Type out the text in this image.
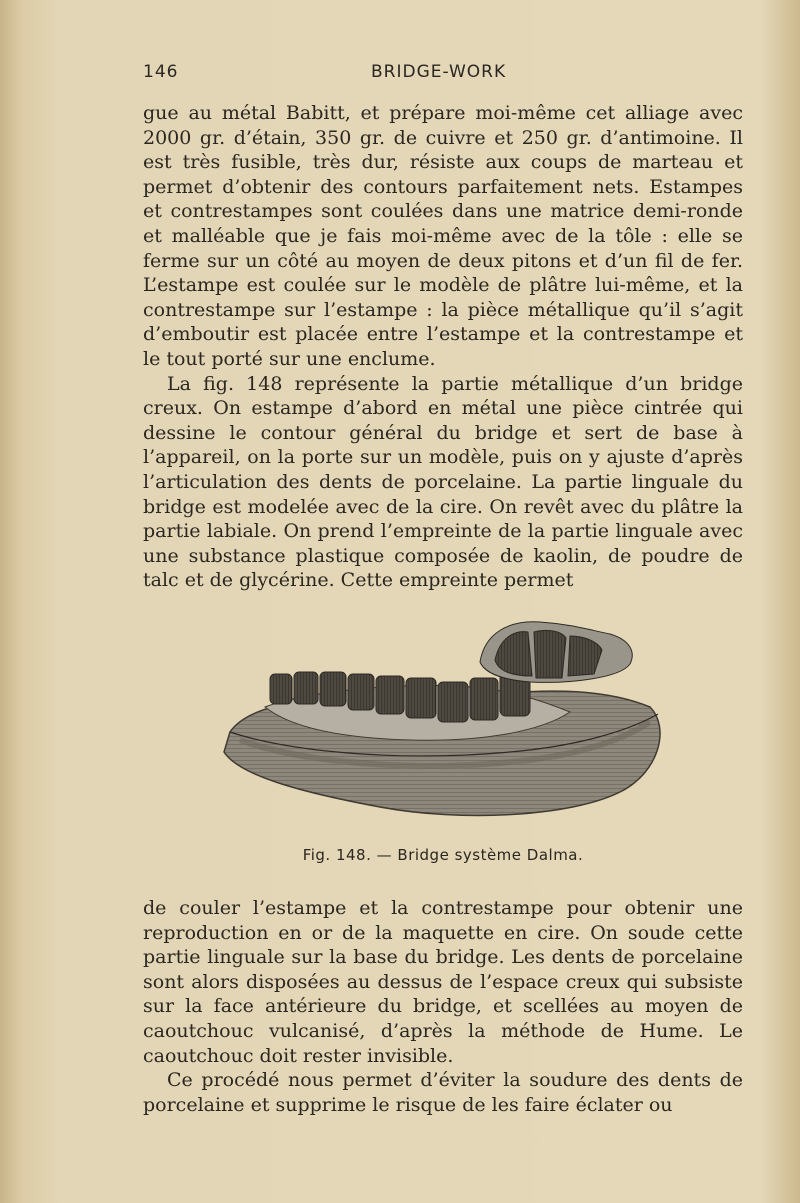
146	BRIDGE-WORK

gue au métal Babitt, et prépare moi-même cet alliage avec 2000 gr. d’étain, 350 gr. de cuivre et 250 gr. d’antimoine. Il est très fusible, très dur, résiste aux coups de marteau et permet d’obtenir des contours parfaitement nets. Estampes et contrestampes sont coulées dans une matrice demi-ronde et malléable que je fais moi-même avec de la tôle : elle se ferme sur un côté au moyen de deux pitons et d’un fil de fer. L’estampe est coulée sur le modèle de plâtre lui-même, et la contrestampe sur l’estampe : la pièce métallique qu’il s’agit d’emboutir est placée entre l’estampe et la contrestampe et le tout porté sur une enclume.

La fig. 148 représente la partie métallique d’un bridge creux. On estampe d’abord en métal une pièce cintrée qui dessine le contour général du bridge et sert de base à l’appareil, on la porte sur un modèle, puis on y ajuste d’après l’articulation des dents de porcelaine. La partie linguale du bridge est modelée avec de la cire. On revêt avec du plâtre la partie labiale. On prend l’empreinte de la partie linguale avec une substance plastique composée de kaolin, de poudre de talc et de glycérine. Cette empreinte permet

Fig. 148. — Bridge système Dalma.

de couler l’estampe et la contrestampe pour obtenir une reproduction en or de la maquette en cire. On soude cette partie linguale sur la base du bridge. Les dents de porcelaine sont alors disposées au dessus de l’espace creux qui subsiste sur la face antérieure du bridge, et scellées au moyen de caoutchouc vulcanisé, d’après la méthode de Hume. Le caoutchouc doit rester invisible.

Ce procédé nous permet d’éviter la soudure des dents de porcelaine et supprime le risque de les faire éclater ou
